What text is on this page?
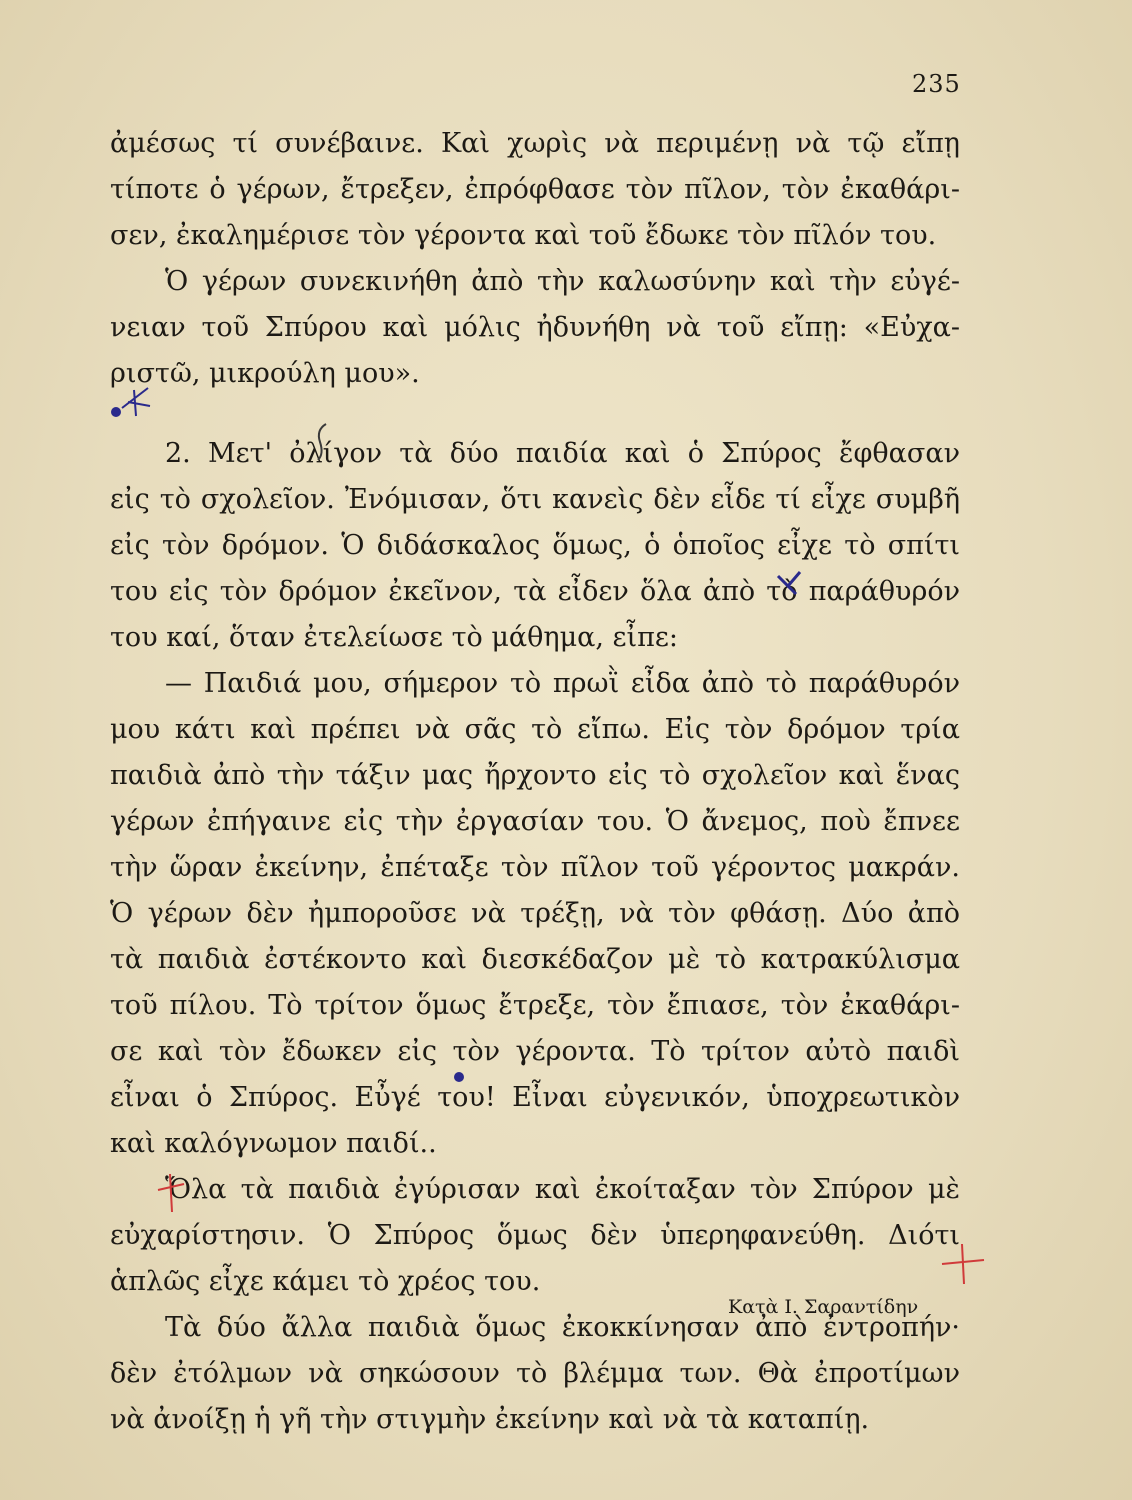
235
ἀμέσως τί συνέβαινε. Καὶ χωρὶς νὰ περιμένῃ νὰ τῷ εἴπῃ
τίποτε ὁ γέρων, ἔτρεξεν, ἐπρόφθασε τὸν πῖλον, τὸν ἐκαθάρι-
σεν, ἐκαλημέρισε τὸν γέροντα καὶ τοῦ ἔδωκε τὸν πῖλόν του.
Ὁ γέρων συνεκινήθη ἀπὸ τὴν καλωσύνην καὶ τὴν εὐγέ-
νειαν τοῦ Σπύρου καὶ μόλις ἠδυνήθη νὰ τοῦ εἴπῃ: «Εὐχα-
ριστῶ, μικρούλη μου».
2. Μετ' ὀλίγον τὰ δύο παιδία καὶ ὁ Σπύρος ἔφθασαν
εἰς τὸ σχολεῖον. Ἐνόμισαν, ὅτι κανεὶς δὲν εἶδε τί εἶχε συμβῆ
εἰς τὸν δρόμον. Ὁ διδάσκαλος ὅμως, ὁ ὁποῖος εἶχε τὸ σπίτι
του εἰς τὸν δρόμον ἐκεῖνον, τὰ εἶδεν ὅλα ἀπὸ τὸ παράθυρόν
του καί, ὅταν ἐτελείωσε τὸ μάθημα, εἶπε:
— Παιδιά μου, σήμερον τὸ πρωῒ εἶδα ἀπὸ τὸ παράθυρόν
μου κάτι καὶ πρέπει νὰ σᾶς τὸ εἴπω. Εἰς τὸν δρόμον τρία
παιδιὰ ἀπὸ τὴν τάξιν μας ἤρχοντο εἰς τὸ σχολεῖον καὶ ἕνας
γέρων ἐπήγαινε εἰς τὴν ἐργασίαν του. Ὁ ἄνεμος, ποὺ ἔπνεε
τὴν ὥραν ἐκείνην, ἐπέταξε τὸν πῖλον τοῦ γέροντος μακράν.
Ὁ γέρων δὲν ἠμποροῦσε νὰ τρέξῃ, νὰ τὸν φθάσῃ. Δύο ἀπὸ
τὰ παιδιὰ ἐστέκοντο καὶ διεσκέδαζον μὲ τὸ κατρακύλισμα
τοῦ πίλου. Τὸ τρίτον ὅμως ἔτρεξε, τὸν ἔπιασε, τὸν ἐκαθάρι-
σε καὶ τὸν ἔδωκεν εἰς τὸν γέροντα. Τὸ τρίτον αὐτὸ παιδὶ
εἶναι ὁ Σπύρος. Εὖγέ του! Εἶναι εὐγενικόν, ὑποχρεωτικὸν
καὶ καλόγνωμον παιδί..
Ὅλα τὰ παιδιὰ ἐγύρισαν καὶ ἐκοίταξαν τὸν Σπύρον μὲ
εὐχαρίστησιν. Ὁ Σπύρος ὅμως δὲν ὑπερηφανεύθη. Διότι
ἁπλῶς εἶχε κάμει τὸ χρέος του.
Τὰ δύο ἄλλα παιδιὰ ὅμως ἐκοκκίνησαν ἀπὸ ἐντροπήν·
δὲν ἐτόλμων νὰ σηκώσουν τὸ βλέμμα των. Θὰ ἐπροτίμων
νὰ ἀνοίξῃ ἡ γῆ τὴν στιγμὴν ἐκείνην καὶ νὰ τὰ καταπίῃ.
Κατὰ Ι. Σαραντίδην
